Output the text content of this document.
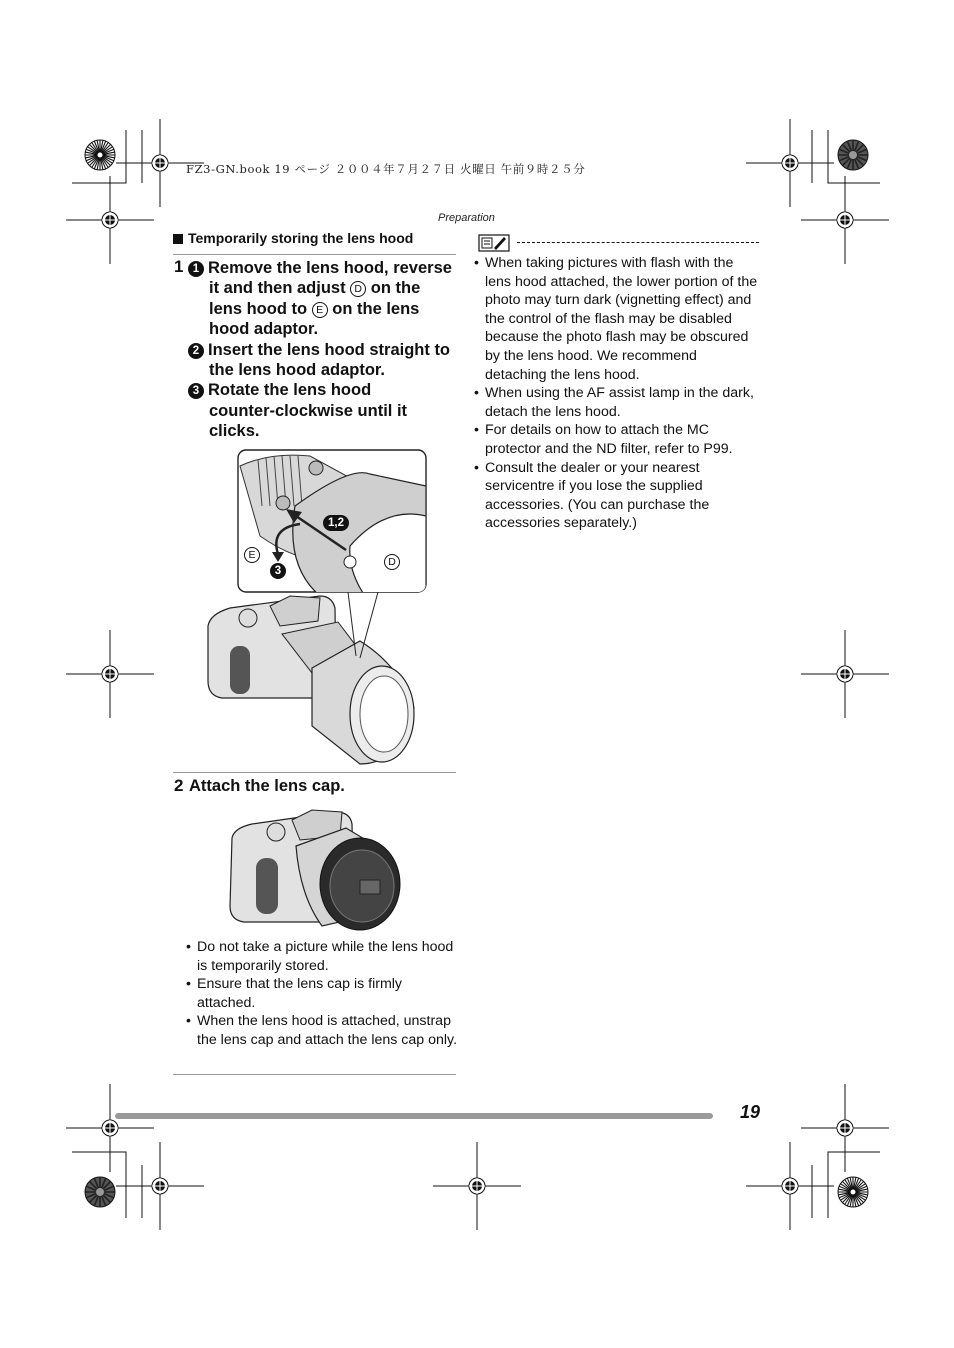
FZ3-GN.book 19 ページ ２００４年７月２７日 火曜日 午前９時２５分
Preparation
Temporarily storing the lens hood
1 1 Remove the lens hood, reverse
it and then adjust D on the
lens hood to E on the lens
hood adaptor.
2 Insert the lens hood straight to
the lens hood adaptor.
3 Rotate the lens hood
counter-clockwise until it
clicks.
1,2
3
E
D
2 Attach the lens cap.
• Do not take a picture while the lens hood is temporarily stored.
• Ensure that the lens cap is firmly attached.
• When the lens hood is attached, unstrap the lens cap and attach the lens cap only.
• When taking pictures with flash with the lens hood attached, the lower portion of the photo may turn dark (vignetting effect) and the control of the flash may be disabled because the photo flash may be obscured by the lens hood. We recommend detaching the lens hood.
• When using the AF assist lamp in the dark, detach the lens hood.
• For details on how to attach the MC protector and the ND filter, refer to P99.
• Consult the dealer or your nearest servicentre if you lose the supplied accessories. (You can purchase the accessories separately.)
19
